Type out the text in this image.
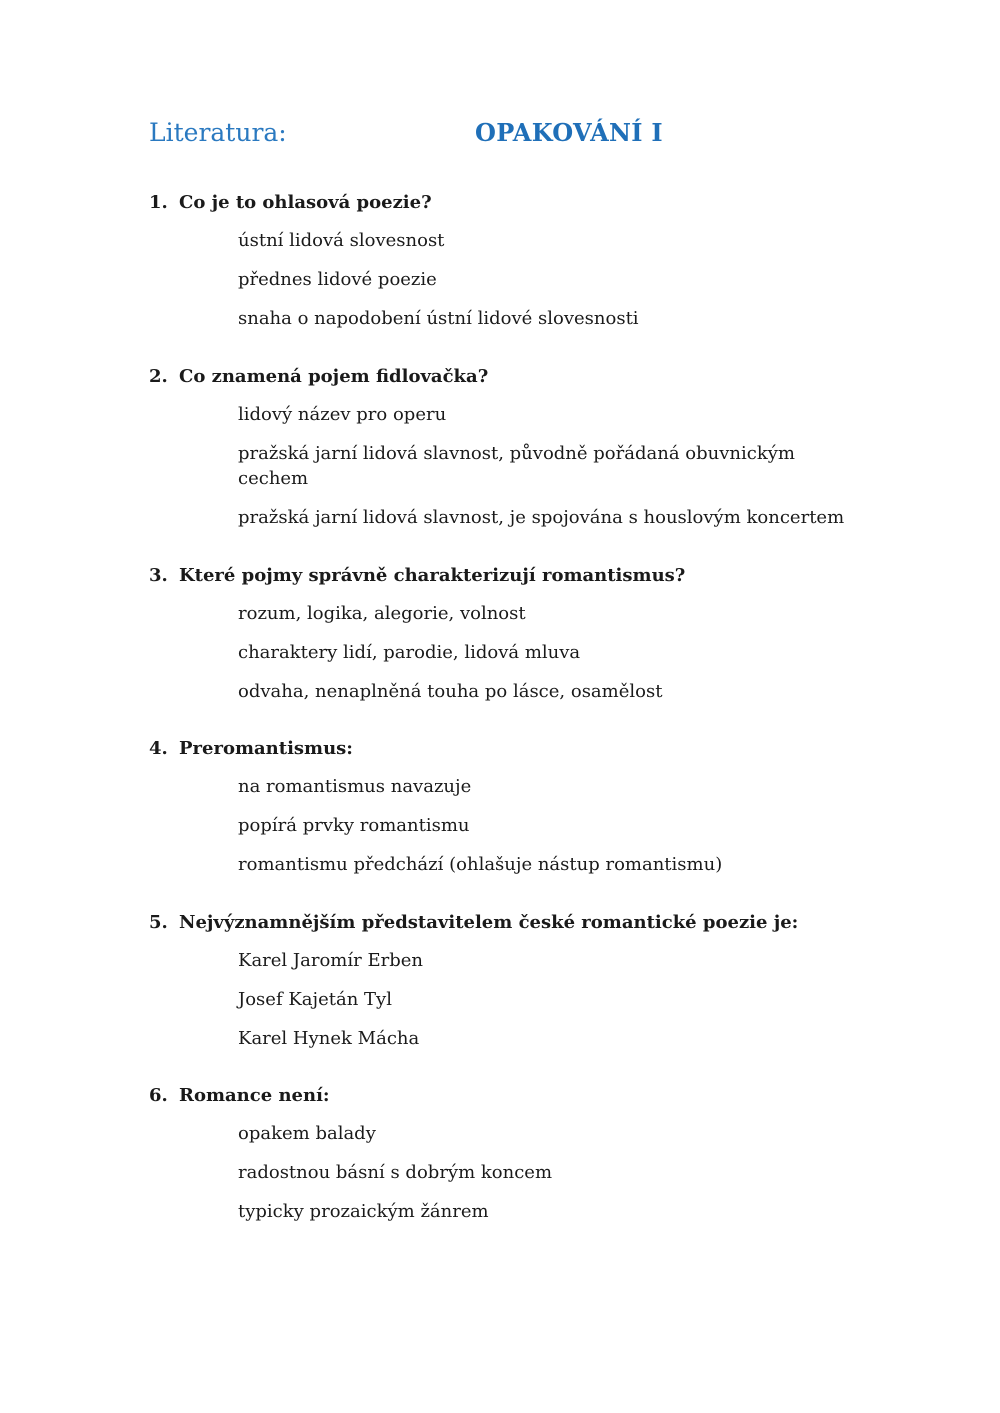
Literatura:	OPAKOVÁNÍ I
1. Co je to ohlasová poezie?
ústní lidová slovesnost
přednes lidové poezie
snaha o napodobení ústní lidové slovesnosti
2. Co znamená pojem fidlovačka?
lidový název pro operu
pražská jarní lidová slavnost, původně pořádaná obuvnickým cechem
pražská jarní lidová slavnost, je spojována s houslovým koncertem
3. Které pojmy správně charakterizují romantismus?
rozum, logika, alegorie, volnost
charaktery lidí, parodie, lidová mluva
odvaha, nenaplněná touha po lásce, osamělost
4. Preromantismus:
na romantismus navazuje
popírá prvky romantismu
romantismu předchází (ohlašuje nástup romantismu)
5. Nejvýznamnějším představitelem české romantické poezie je:
Karel Jaromír Erben
Josef Kajetán Tyl
Karel Hynek Mácha
6. Romance není:
opakem balady
radostnou básní s dobrým koncem
typicky prozaickým žánrem
